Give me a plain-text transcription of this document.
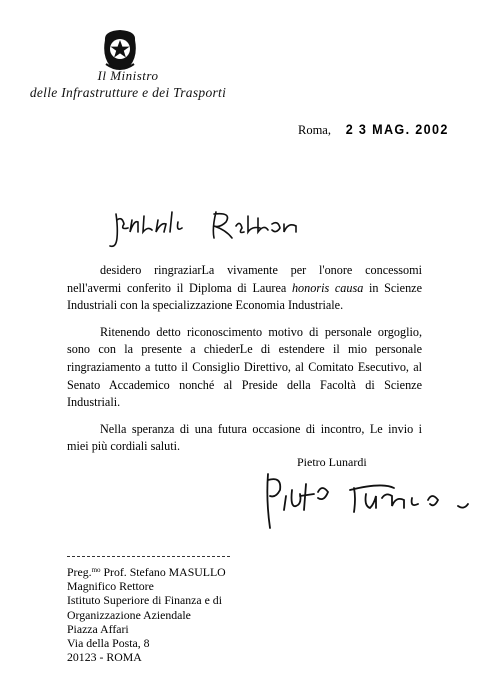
Il Ministro
delle Infrastrutture e dei Trasporti
Roma, 2 3 MAG. 2002

desidero ringraziarLa vivamente per l'onore concessomi nell'avermi conferito il Diploma di Laurea honoris causa in Scienze Industriali con la specializzazione Economia Industriale.

Ritenendo detto riconoscimento motivo di personale orgoglio, sono con la presente a chiederLe di estendere il mio personale ringraziamento a tutto il Consiglio Direttivo, al Comitato Esecutivo, al Senato Accademico nonché al Preside della Facoltà di Scienze Industriali.

Nella speranza di una futura occasione di incontro, Le invio i miei più cordiali saluti.

Pietro Lunardi
Preg.$^{mo}$ Prof. Stefano MASULLO
Magnifico Rettore
Istituto Superiore di Finanza e di
Organizzazione Aziendale
Piazza Affari
Via della Posta, 8
20123 - ROMA
